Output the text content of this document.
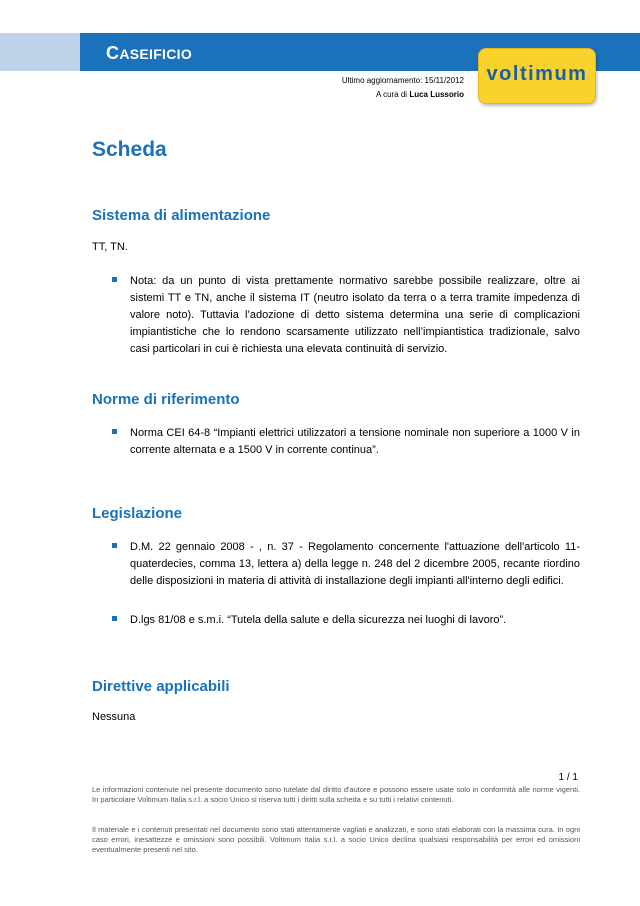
CASEIFICIO
voltimum
Ultimo aggiornamento: 15/11/2012
A cura di Luca Lussorio
Scheda
Sistema di alimentazione
TT, TN.
Nota: da un punto di vista prettamente normativo sarebbe possibile realizzare, oltre ai sistemi TT e TN, anche il sistema IT (neutro isolato da terra o a terra tramite impedenza di valore noto). Tuttavia l’adozione di detto sistema determina una serie di complicazioni impiantistiche che lo rendono scarsamente utilizzato nell’impiantistica tradizionale, salvo casi particolari in cui è richiesta una elevata continuità di servizio.
Norme di riferimento
Norma CEI 64-8 “Impianti elettrici utilizzatori a tensione nominale non superiore a 1000 V in corrente alternata e a 1500 V in corrente continua”.
Legislazione
D.M. 22 gennaio 2008 - , n. 37 - Regolamento concernente l'attuazione dell'articolo 11-quaterdecies, comma 13, lettera a) della legge n. 248 del 2 dicembre 2005, recante riordino delle disposizioni in materia di attività di installazione degli impianti all'interno degli edifici.
D.lgs 81/08 e s.m.i. “Tutela della salute e della sicurezza nei luoghi di lavoro”.
Direttive applicabili
Nessuna
1 / 1
Le informazioni contenute nel presente documento sono tutelate dal diritto d'autore e possono essere usate solo in conformità alle norme vigenti. In particolare Voltimum Italia s.r.l. a socio Unico si riserva tutti i diritti sulla scheda e su tutti i relativi contenuti.
Il materiale e i contenuti presentati nel documento sono stati attentamente vagliati e analizzati, e sono stati elaborati con la massima cura. In ogni caso errori, inesattezze e omissioni sono possibili. Voltimum Italia s.r.l. a socio Unico declina qualsiasi responsabilità per errori ed omissioni eventualmente presenti nel sito.
